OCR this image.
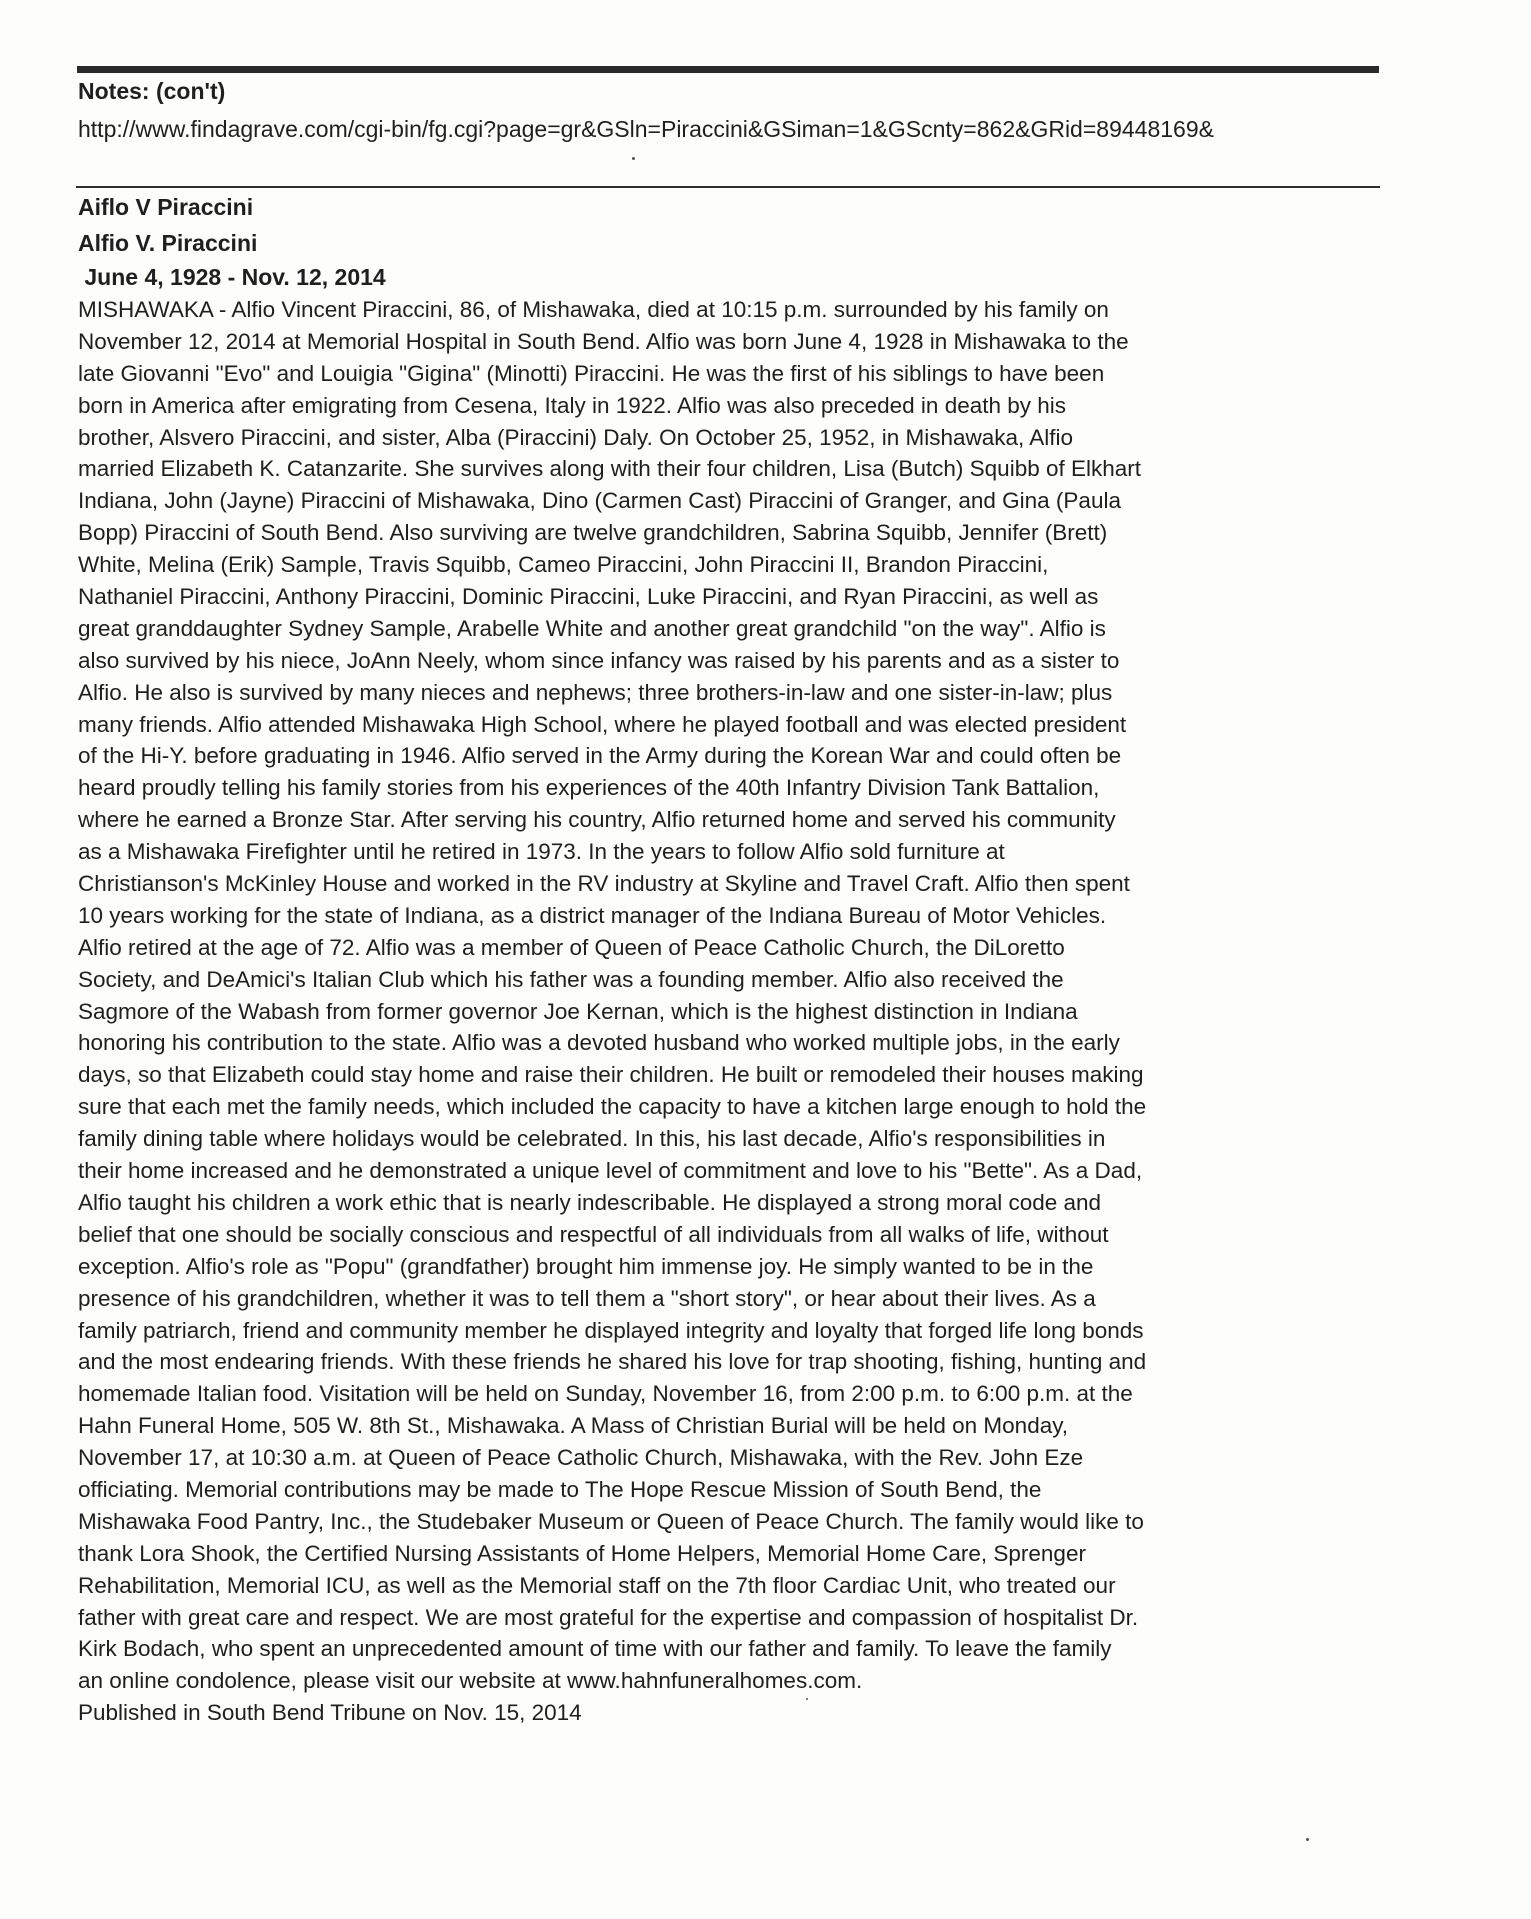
Notes: (con't)
http://www.findagrave.com/cgi-bin/fg.cgi?page=gr&GSln=Piraccini&GSiman=1&GScnty=862&GRid=89448169&
Aiflo V Piraccini
Alfio V. Piraccini
June 4, 1928 - Nov. 12, 2014
MISHAWAKA - Alfio Vincent Piraccini, 86, of Mishawaka, died at 10:15 p.m. surrounded by his family on
November 12, 2014 at Memorial Hospital in South Bend. Alfio was born June 4, 1928 in Mishawaka to the
late Giovanni "Evo" and Louigia "Gigina" (Minotti) Piraccini. He was the first of his siblings to have been
born in America after emigrating from Cesena, Italy in 1922. Alfio was also preceded in death by his
brother, Alsvero Piraccini, and sister, Alba (Piraccini) Daly. On October 25, 1952, in Mishawaka, Alfio
married Elizabeth K. Catanzarite. She survives along with their four children, Lisa (Butch) Squibb of Elkhart
Indiana, John (Jayne) Piraccini of Mishawaka, Dino (Carmen Cast) Piraccini of Granger, and Gina (Paula
Bopp) Piraccini of South Bend. Also surviving are twelve grandchildren, Sabrina Squibb, Jennifer (Brett)
White, Melina (Erik) Sample, Travis Squibb, Cameo Piraccini, John Piraccini II, Brandon Piraccini,
Nathaniel Piraccini, Anthony Piraccini, Dominic Piraccini, Luke Piraccini, and Ryan Piraccini, as well as
great granddaughter Sydney Sample, Arabelle White and another great grandchild "on the way". Alfio is
also survived by his niece, JoAnn Neely, whom since infancy was raised by his parents and as a sister to
Alfio. He also is survived by many nieces and nephews; three brothers-in-law and one sister-in-law; plus
many friends. Alfio attended Mishawaka High School, where he played football and was elected president
of the Hi-Y. before graduating in 1946. Alfio served in the Army during the Korean War and could often be
heard proudly telling his family stories from his experiences of the 40th Infantry Division Tank Battalion,
where he earned a Bronze Star. After serving his country, Alfio returned home and served his community
as a Mishawaka Firefighter until he retired in 1973. In the years to follow Alfio sold furniture at
Christianson's McKinley House and worked in the RV industry at Skyline and Travel Craft. Alfio then spent
10 years working for the state of Indiana, as a district manager of the Indiana Bureau of Motor Vehicles.
Alfio retired at the age of 72. Alfio was a member of Queen of Peace Catholic Church, the DiLoretto
Society, and DeAmici's Italian Club which his father was a founding member. Alfio also received the
Sagmore of the Wabash from former governor Joe Kernan, which is the highest distinction in Indiana
honoring his contribution to the state. Alfio was a devoted husband who worked multiple jobs, in the early
days, so that Elizabeth could stay home and raise their children. He built or remodeled their houses making
sure that each met the family needs, which included the capacity to have a kitchen large enough to hold the
family dining table where holidays would be celebrated. In this, his last decade, Alfio's responsibilities in
their home increased and he demonstrated a unique level of commitment and love to his "Bette". As a Dad,
Alfio taught his children a work ethic that is nearly indescribable. He displayed a strong moral code and
belief that one should be socially conscious and respectful of all individuals from all walks of life, without
exception. Alfio's role as "Popu" (grandfather) brought him immense joy. He simply wanted to be in the
presence of his grandchildren, whether it was to tell them a "short story", or hear about their lives. As a
family patriarch, friend and community member he displayed integrity and loyalty that forged life long bonds
and the most endearing friends. With these friends he shared his love for trap shooting, fishing, hunting and
homemade Italian food. Visitation will be held on Sunday, November 16, from 2:00 p.m. to 6:00 p.m. at the
Hahn Funeral Home, 505 W. 8th St., Mishawaka. A Mass of Christian Burial will be held on Monday,
November 17, at 10:30 a.m. at Queen of Peace Catholic Church, Mishawaka, with the Rev. John Eze
officiating. Memorial contributions may be made to The Hope Rescue Mission of South Bend, the
Mishawaka Food Pantry, Inc., the Studebaker Museum or Queen of Peace Church. The family would like to
thank Lora Shook, the Certified Nursing Assistants of Home Helpers, Memorial Home Care, Sprenger
Rehabilitation, Memorial ICU, as well as the Memorial staff on the 7th floor Cardiac Unit, who treated our
father with great care and respect. We are most grateful for the expertise and compassion of hospitalist Dr.
Kirk Bodach, who spent an unprecedented amount of time with our father and family. To leave the family
an online condolence, please visit our website at www.hahnfuneralhomes.com.
Published in South Bend Tribune on Nov. 15, 2014
